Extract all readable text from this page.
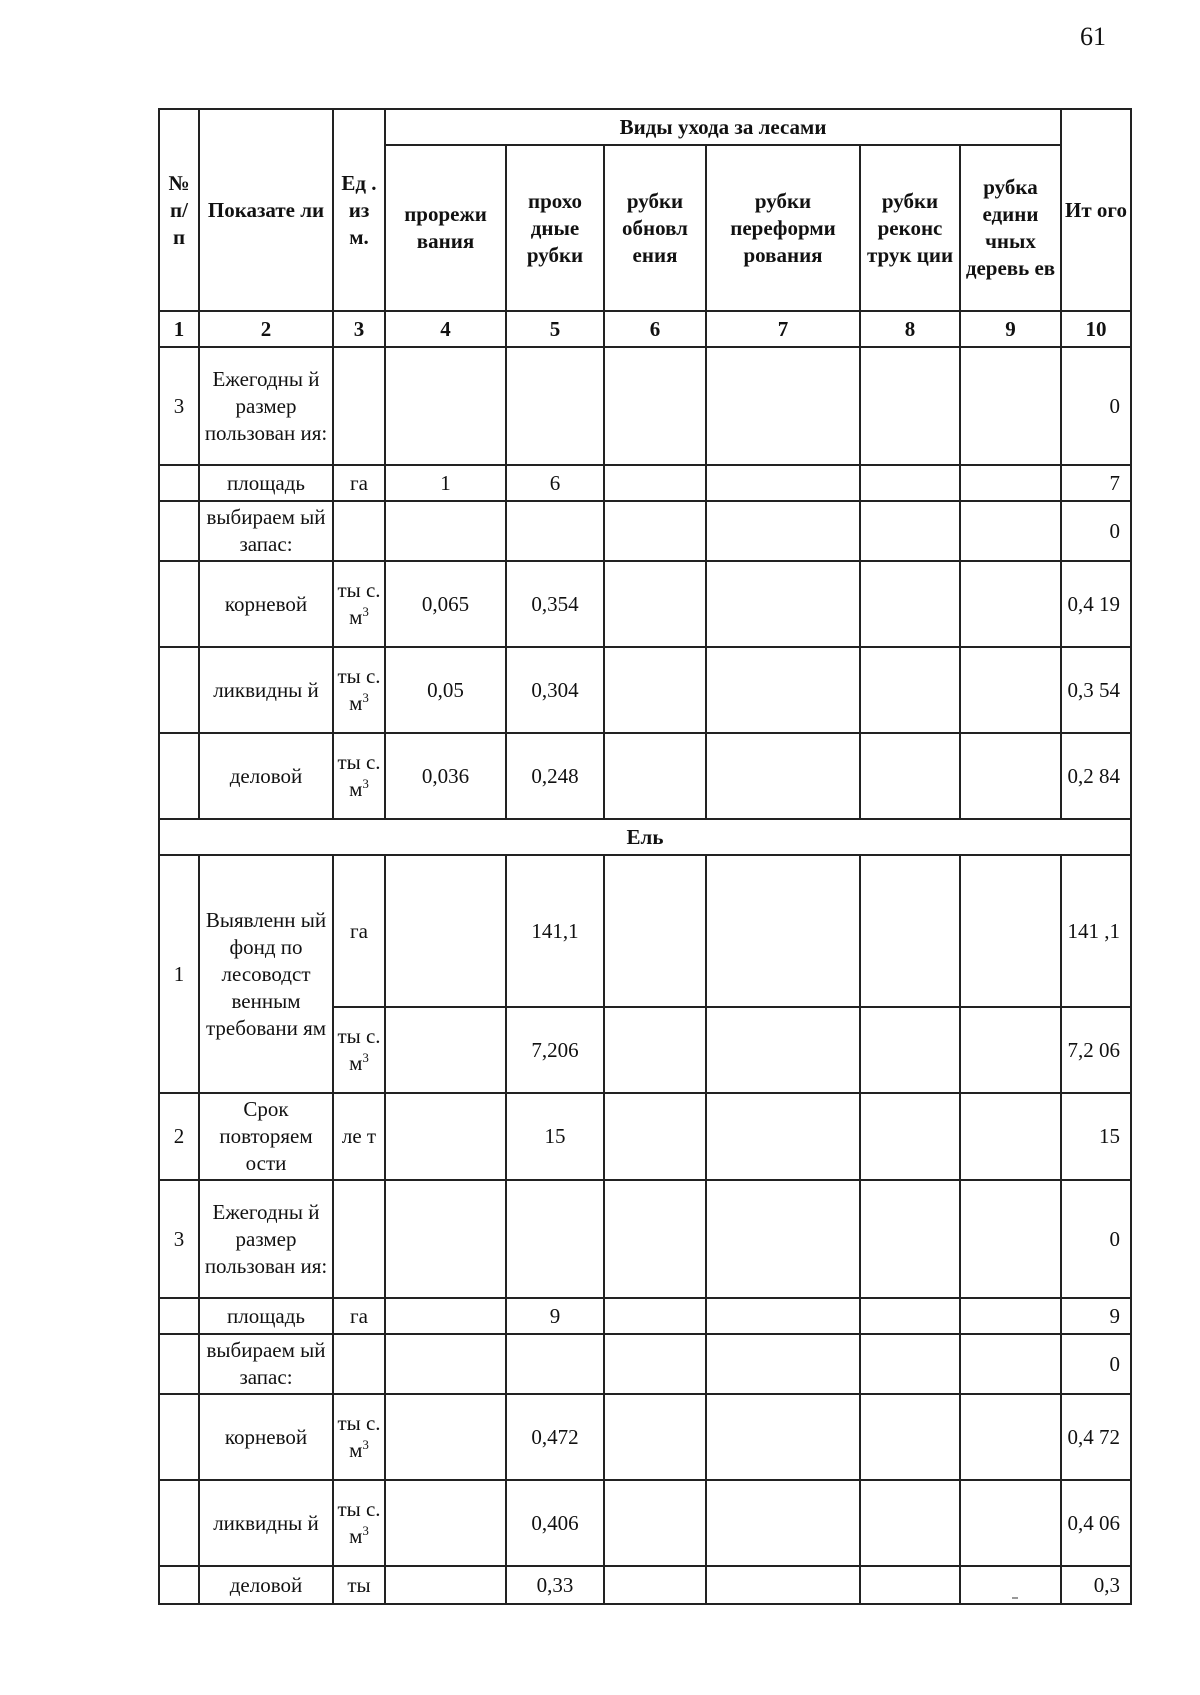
61
№ п/ п	Показате ли	Ед . из м.	Виды ухода за лесами						Ит ого
			прорежи вания	прохо дные рубки	рубки обновл ения	рубки переформи рования	рубки реконс трук ции	рубка едини чных деревь ев	
1	2	3	4	5	6	7	8	9	10
3	Ежегодны й размер пользован ия:								0
	площадь	га	1	6					7
	выбираем ый запас:								0
	корневой	ты с. $м^3$	0,065	0,354					0,4 19
	ликвидны й	ты с. $м^3$	0,05	0,304					0,3 54
	деловой	ты с. $м^3$	0,036	0,248					0,2 84
Ель									
1	Выявленн ый фонд по лесоводст венным требовани ям	га		141,1					141 ,1
		ты с. $м^3$		7,206					7,2 06
2	Срок повторяем ости	ле т		15					15
3	Ежегодны й размер пользован ия:								0
	площадь	га		9					9
	выбираем ый запас:								0
	корневой	ты с. $м^3$		0,472					0,4 72
	ликвидны й	ты с. $м^3$		0,406					0,4 06
	деловой	ты		0,33					0,3
